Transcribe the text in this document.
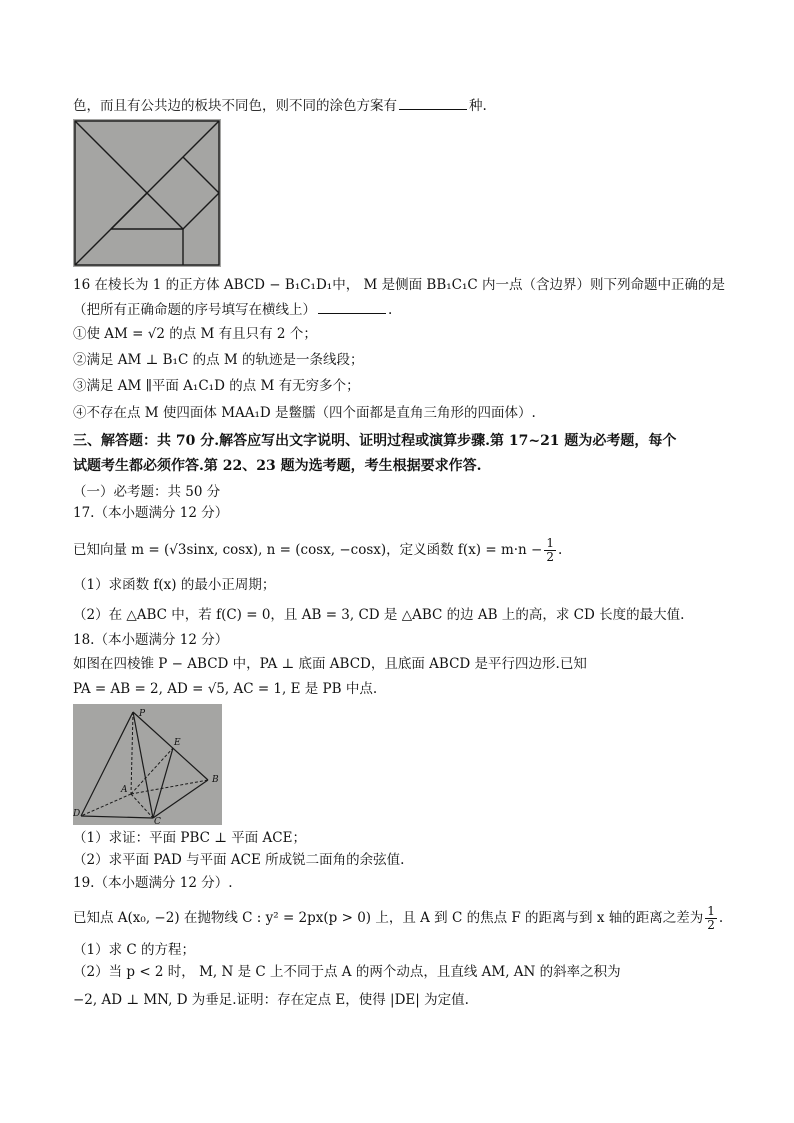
色，而且有公共边的板块不同色，则不同的涂色方案有	种.
16 在棱长为 1 的正方体 ABCD − B₁C₁D₁中， M 是侧面 BB₁C₁C 内一点（含边界）则下列命题中正确的是
（把所有正确命题的序号填写在横线上）	.
①使 AM = √2 的点 M 有且只有 2 个；
②满足 AM ⊥ B₁C 的点 M 的轨迹是一条线段；
③满足 AM ∥平面 A₁C₁D 的点 M 有无穷多个；
④不存在点 M 使四面体 MAA₁D 是鳖臑（四个面都是直角三角形的四面体）.
三、解答题：共 70 分.解答应写出文字说明、证明过程或演算步骤.第 17~21 题为必考题，每个
试题考生都必须作答.第 22、23 题为选考题，考生根据要求作答.
（一）必考题：共 50 分
17.（本小题满分 12 分）
已知向量 m = (√3sinx, cosx), n = (cosx, −cosx)，定义函数 $f(x) = m\cdot n - \frac{1}{2}$ .
（1）求函数 f(x) 的最小正周期；
（2）在 △ABC 中，若 f(C) = 0，且 AB = 3, CD 是 △ABC 的边 AB 上的高，求 CD 长度的最大值.
18.（本小题满分 12 分）
如图在四棱锥 P − ABCD 中，PA ⊥ 底面 ABCD，且底面 ABCD 是平行四边形.已知
PA = AB = 2, AD = √5, AC = 1, E 是 PB 中点.
P
E
A
B
C
D
（1）求证：平面 PBC ⊥ 平面 ACE；
（2）求平面 PAD 与平面 ACE 所成锐二面角的余弦值.
19.（本小题满分 12 分）.
已知点 A(x₀, −2) 在抛物线 C : y² = 2px(p > 0) 上，且 A 到 C 的焦点 F 的距离与到 x 轴的距离之差为 $\frac{1}{2}$ .
（1）求 C 的方程；
（2）当 p < 2 时， M, N 是 C 上不同于点 A 的两个动点，且直线 AM, AN 的斜率之积为
−2, AD ⊥ MN, D 为垂足.证明：存在定点 E，使得 |DE| 为定值.
